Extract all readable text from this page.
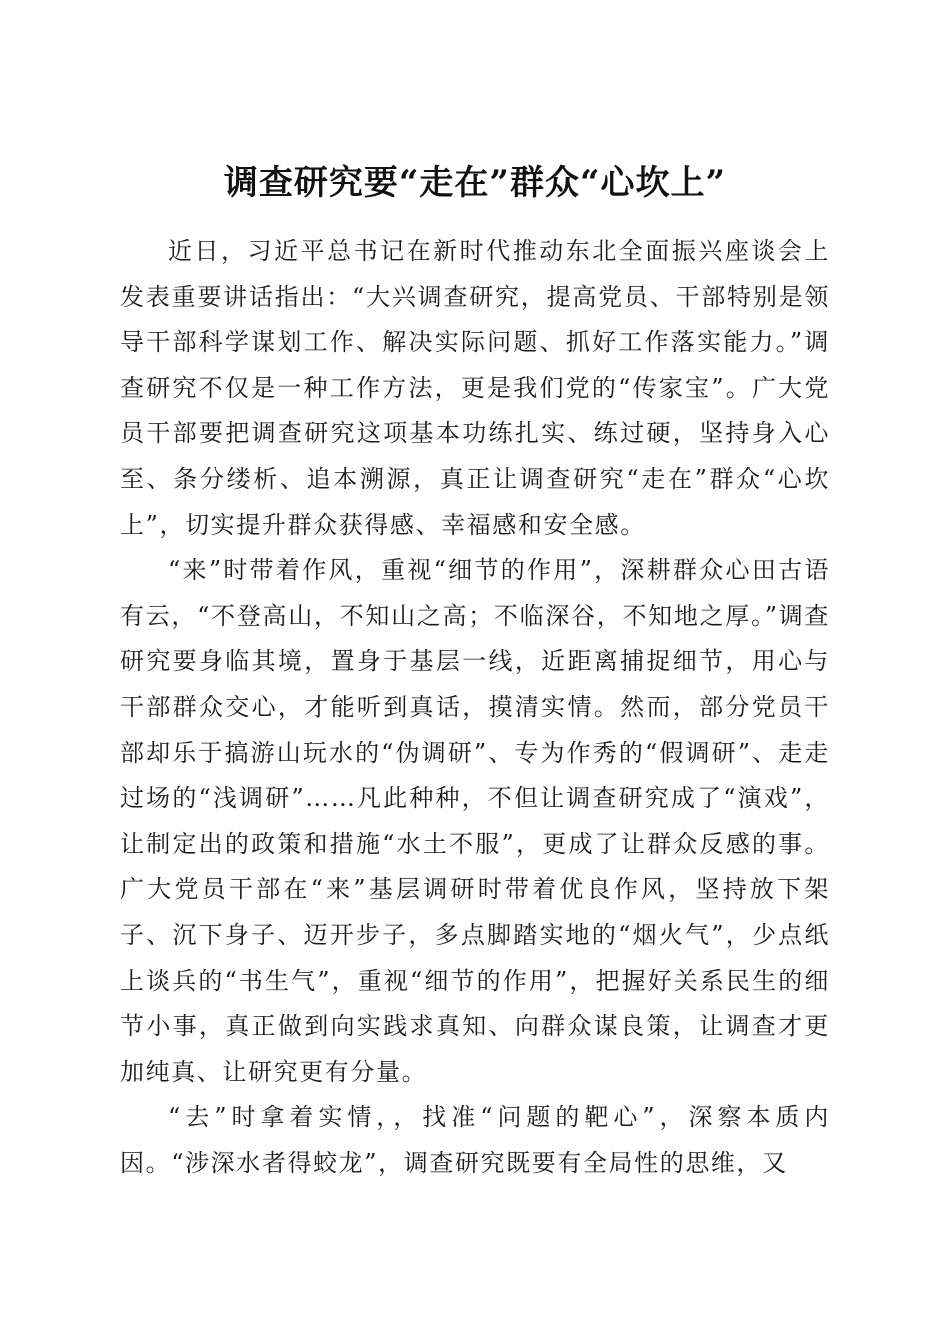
调查研究要“走在”群众“心坎上”

近日，习近平总书记在新时代推动东北全面振兴座谈会上发表重要讲话指出：“大兴调查研究，提高党员、干部特别是领导干部科学谋划工作、解决实际问题、抓好工作落实能力。”调查研究不仅是一种工作方法，更是我们党的“传家宝”。广大党员干部要把调查研究这项基本功练扎实、练过硬，坚持身入心至、条分缕析、追本溯源，真正让调查研究“走在”群众“心坎上”，切实提升群众获得感、幸福感和安全感。

“来”时带着作风，重视“细节的作用”，深耕群众心田古语有云，“不登高山，不知山之高；不临深谷，不知地之厚。”调查研究要身临其境，置身于基层一线，近距离捕捉细节，用心与干部群众交心，才能听到真话，摸清实情。然而，部分党员干部却乐于搞游山玩水的“伪调研”、专为作秀的“假调研”、走走过场的“浅调研”……凡此种种，不但让调查研究成了“演戏”，让制定出的政策和措施“水土不服”，更成了让群众反感的事。广大党员干部在“来”基层调研时带着优良作风，坚持放下架子、沉下身子、迈开步子，多点脚踏实地的“烟火气”，少点纸上谈兵的“书生气”，重视“细节的作用”，把握好关系民生的细节小事，真正做到向实践求真知、向群众谋良策，让调查才更加纯真、让研究更有分量。

“去”时拿着实情，，找准“问题的靶心”，深察本质内因。“涉深水者得蛟龙”，调查研究既要有全局性的思维，又
